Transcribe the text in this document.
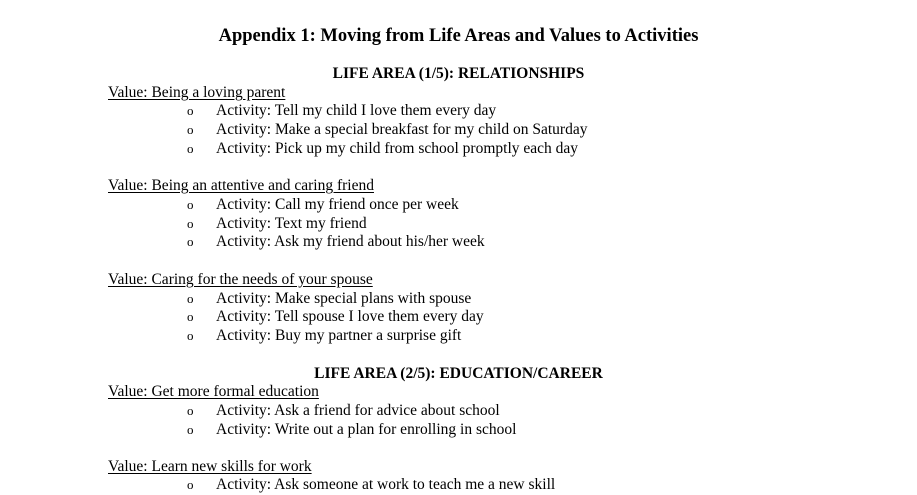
Appendix 1: Moving from Life Areas and Values to Activities
LIFE AREA (1/5): RELATIONSHIPS
Value: Being a loving parent
o Activity: Tell my child I love them every day
o Activity: Make a special breakfast for my child on Saturday
o Activity: Pick up my child from school promptly each day
Value: Being an attentive and caring friend
o Activity: Call my friend once per week
o Activity: Text my friend
o Activity: Ask my friend about his/her week
Value: Caring for the needs of your spouse
o Activity: Make special plans with spouse
o Activity: Tell spouse I love them every day
o Activity: Buy my partner a surprise gift
LIFE AREA (2/5): EDUCATION/CAREER
Value: Get more formal education
o Activity: Ask a friend for advice about school
o Activity: Write out a plan for enrolling in school
Value: Learn new skills for work
o Activity: Ask someone at work to teach me a new skill
